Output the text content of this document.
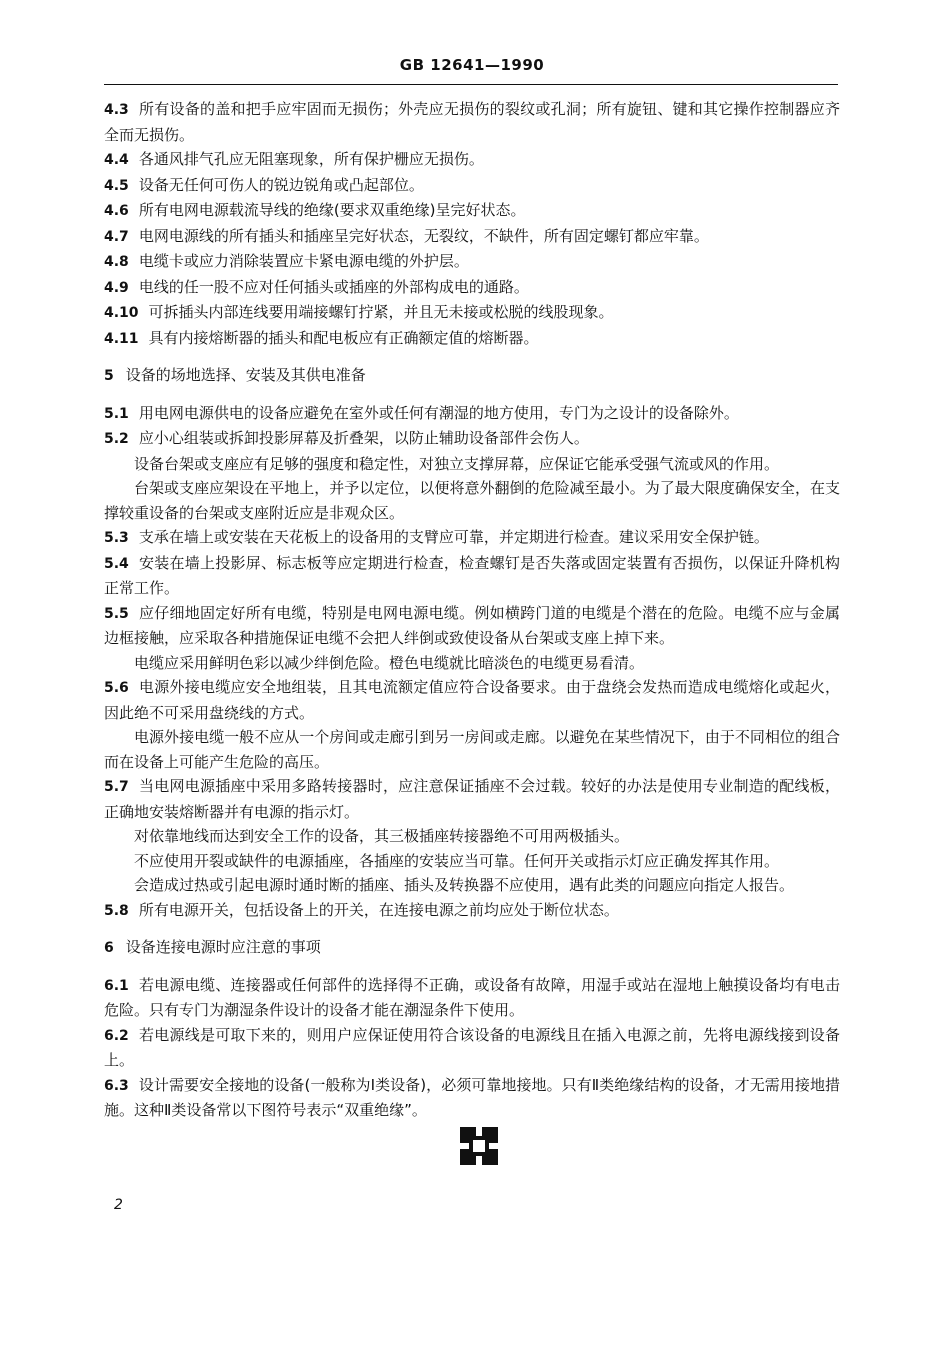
GB 12641—1990

4.3 所有设备的盖和把手应牢固而无损伤；外壳应无损伤的裂纹或孔洞；所有旋钮、键和其它操作控制器应齐全而无损伤。

4.4 各通风排气孔应无阻塞现象，所有保护栅应无损伤。

4.5 设备无任何可伤人的锐边锐角或凸起部位。

4.6 所有电网电源载流导线的绝缘(要求双重绝缘)呈完好状态。

4.7 电网电源线的所有插头和插座呈完好状态，无裂纹，不缺件，所有固定螺钉都应牢靠。

4.8 电缆卡或应力消除装置应卡紧电源电缆的外护层。

4.9 电线的任一股不应对任何插头或插座的外部构成电的通路。

4.10 可拆插头内部连线要用端接螺钉拧紧，并且无未接或松脱的线股现象。

4.11 具有内接熔断器的插头和配电板应有正确额定值的熔断器。

5 设备的场地选择、安装及其供电准备

5.1 用电网电源供电的设备应避免在室外或任何有潮湿的地方使用，专门为之设计的设备除外。

5.2 应小心组装或拆卸投影屏幕及折叠架，以防止辅助设备部件会伤人。

设备台架或支座应有足够的强度和稳定性，对独立支撑屏幕，应保证它能承受强气流或风的作用。

台架或支座应架设在平地上，并予以定位，以便将意外翻倒的危险减至最小。为了最大限度确保安全，在支撑较重设备的台架或支座附近应是非观众区。

5.3 支承在墙上或安装在天花板上的设备用的支臂应可靠，并定期进行检查。建议采用安全保护链。

5.4 安装在墙上投影屏、标志板等应定期进行检查，检查螺钉是否失落或固定装置有否损伤，以保证升降机构正常工作。

5.5 应仔细地固定好所有电缆，特别是电网电源电缆。例如横跨门道的电缆是个潜在的危险。电缆不应与金属边框接触，应采取各种措施保证电缆不会把人绊倒或致使设备从台架或支座上掉下来。

电缆应采用鲜明色彩以减少绊倒危险。橙色电缆就比暗淡色的电缆更易看清。

5.6 电源外接电缆应安全地组装，且其电流额定值应符合设备要求。由于盘绕会发热而造成电缆熔化或起火，因此绝不可采用盘绕线的方式。

电源外接电缆一般不应从一个房间或走廊引到另一房间或走廊。以避免在某些情况下，由于不同相位的组合而在设备上可能产生危险的高压。

5.7 当电网电源插座中采用多路转接器时，应注意保证插座不会过载。较好的办法是使用专业制造的配线板，正确地安装熔断器并有电源的指示灯。

对依靠地线而达到安全工作的设备，其三极插座转接器绝不可用两极插头。

不应使用开裂或缺件的电源插座，各插座的安装应当可靠。任何开关或指示灯应正确发挥其作用。

会造成过热或引起电源时通时断的插座、插头及转换器不应使用，遇有此类的问题应向指定人报告。

5.8 所有电源开关，包括设备上的开关，在连接电源之前均应处于断位状态。

6 设备连接电源时应注意的事项

6.1 若电源电缆、连接器或任何部件的选择得不正确，或设备有故障，用湿手或站在湿地上触摸设备均有电击危险。只有专门为潮湿条件设计的设备才能在潮湿条件下使用。

6.2 若电源线是可取下来的，则用户应保证使用符合该设备的电源线且在插入电源之前，先将电源线接到设备上。

6.3 设计需要安全接地的设备(一般称为Ⅰ类设备)，必须可靠地接地。只有Ⅱ类绝缘结构的设备，才无需用接地措施。这种Ⅱ类设备常以下图符号表示“双重绝缘”。

2
